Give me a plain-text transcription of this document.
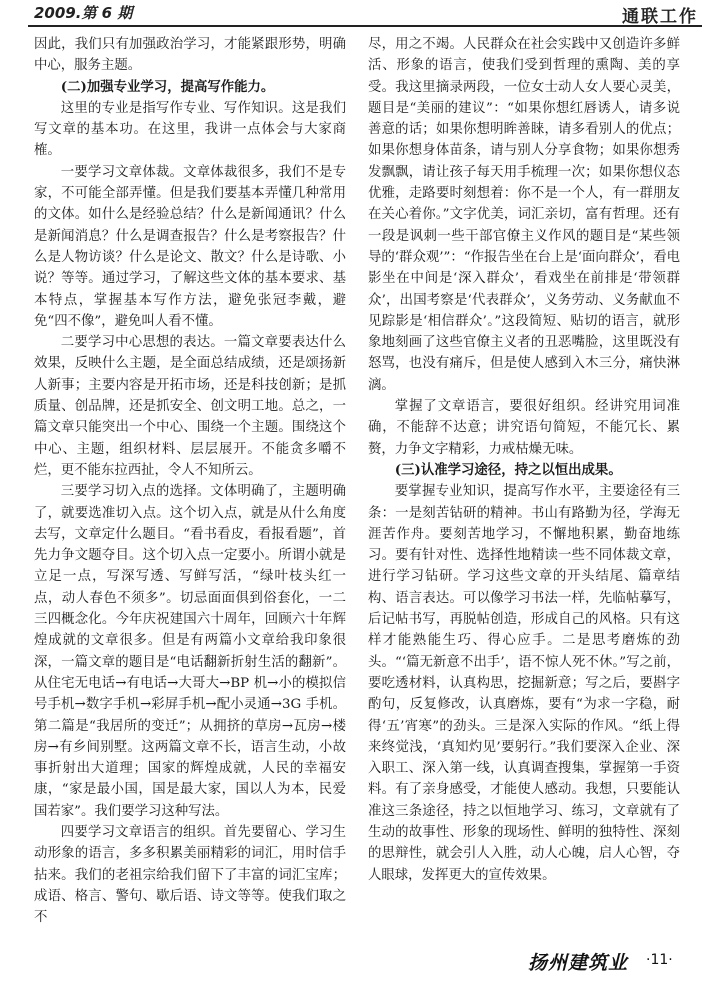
2009.第 6 期	通联工作

因此，我们只有加强政治学习，才能紧跟形势，明确中心，服务主题。

(二)加强专业学习，提高写作能力。

这里的专业是指写作专业、写作知识。这是我们写文章的基本功。在这里，我讲一点体会与大家商榷。

一要学习文章体裁。文章体裁很多，我们不是专家，不可能全部弄懂。但是我们要基本弄懂几种常用的文体。如什么是经验总结？什么是新闻通讯？什么是新闻消息？什么是调查报告？什么是考察报告？什么是人物访谈？什么是论文、散文？什么是诗歌、小说？等等。通过学习，了解这些文体的基本要求、基本特点，掌握基本写作方法，避免张冠李戴，避免“四不像”，避免叫人看不懂。

二要学习中心思想的表达。一篇文章要表达什么效果，反映什么主题，是全面总结成绩，还是颂扬新人新事；主要内容是开拓市场，还是科技创新；是抓质量、创品牌，还是抓安全、创文明工地。总之，一篇文章只能突出一个中心、围绕一个主题。围绕这个中心、主题，组织材料、层层展开。不能贪多嚼不烂，更不能东拉西扯，令人不知所云。

三要学习切入点的选择。文体明确了，主题明确了，就要选准切入点。这个切入点，就是从什么角度去写，文章定什么题目。“看书看皮，看报看题”，首先力争文题夺目。这个切入点一定要小。所谓小就是立足一点，写深写透、写鲜写活，“绿叶枝头红一点，动人春色不须多”。切忌面面俱到俗套化，一二三四概念化。今年庆祝建国六十周年，回顾六十年辉煌成就的文章很多。但是有两篇小文章给我印象很深，一篇文章的题目是“电话翻新折射生活的翻新”。从住宅无电话→有电话→大哥大→BP 机→小的模拟信号手机→数字手机→彩屏手机→配小灵通→3G 手机。第二篇是“我居所的变迁”；从拥挤的草房→瓦房→楼房→有乡间别墅。这两篇文章不长，语言生动，小故事折射出大道理；国家的辉煌成就，人民的幸福安康，“家是最小国，国是最大家，国以人为本，民爱国若家”。我们要学习这种写法。

四要学习文章语言的组织。首先要留心、学习生动形象的语言，多多积累美丽精彩的词汇，用时信手拈来。我们的老祖宗给我们留下了丰富的词汇宝库；成语、格言、警句、歇后语、诗文等等。使我们取之不

尽，用之不竭。人民群众在社会实践中又创造许多鲜活、形象的语言，使我们受到哲理的熏陶、美的享受。我这里摘录两段，一位女士动人女人要心灵美，题目是“美丽的建议”：“如果你想红唇诱人，请多说善意的话；如果你想明眸善睐，请多看别人的优点；如果你想身体苗条，请与别人分享食物；如果你想秀发飘飘，请让孩子每天用手梳理一次；如果你想仪态优雅，走路要时刻想着：你不是一个人，有一群朋友在关心着你。”文字优美，词汇亲切，富有哲理。还有一段是讽刺一些干部官僚主义作风的题目是“某些领导的‘群众观’”：“作报告坐在台上是‘面向群众’，看电影坐在中间是‘深入群众’，看戏坐在前排是‘带领群众’，出国考察是‘代表群众’，义务劳动、义务献血不见踪影是‘相信群众’。”这段简短、贴切的语言，就形象地刻画了这些官僚主义者的丑恶嘴脸，这里既没有怒骂，也没有痛斥，但是使人感到入木三分，痛快淋漓。

掌握了文章语言，要很好组织。经讲究用词准确，不能辞不达意；讲究语句简短，不能冗长、累赘，力争文字精彩，力戒枯燥无味。

(三)认准学习途径，持之以恒出成果。

要掌握专业知识，提高写作水平，主要途径有三条：一是刻苦钻研的精神。书山有路勤为径，学海无涯苦作舟。要刻苦地学习，不懈地积累，勤奋地练习。要有针对性、选择性地精读一些不同体裁文章，进行学习钻研。学习这些文章的开头结尾、篇章结构、语言表达。可以像学习书法一样，先临帖摹写，后记帖书写，再脱帖创造，形成自己的风格。只有这样才能熟能生巧、得心应手。二是思考磨炼的劲头。“‘篇无新意不出手’，语不惊人死不休。”写之前，要吃透材料，认真构思，挖掘新意；写之后，要斟字酌句，反复修改，认真磨炼，要有“为求一字稳，耐得‘五’宵寒”的劲头。三是深入实际的作风。“纸上得来终觉浅，‘真知灼见’要躬行。”我们要深入企业、深入职工、深入第一线，认真调查搜集，掌握第一手资料。有了亲身感受，才能使人感动。我想，只要能认准这三条途径，持之以恒地学习、练习，文章就有了生动的故事性、形象的现场性、鲜明的独特性、深刻的思辩性，就会引人入胜，动人心魄，启人心智，夺人眼球，发挥更大的宣传效果。

扬州建筑业 ·11·
